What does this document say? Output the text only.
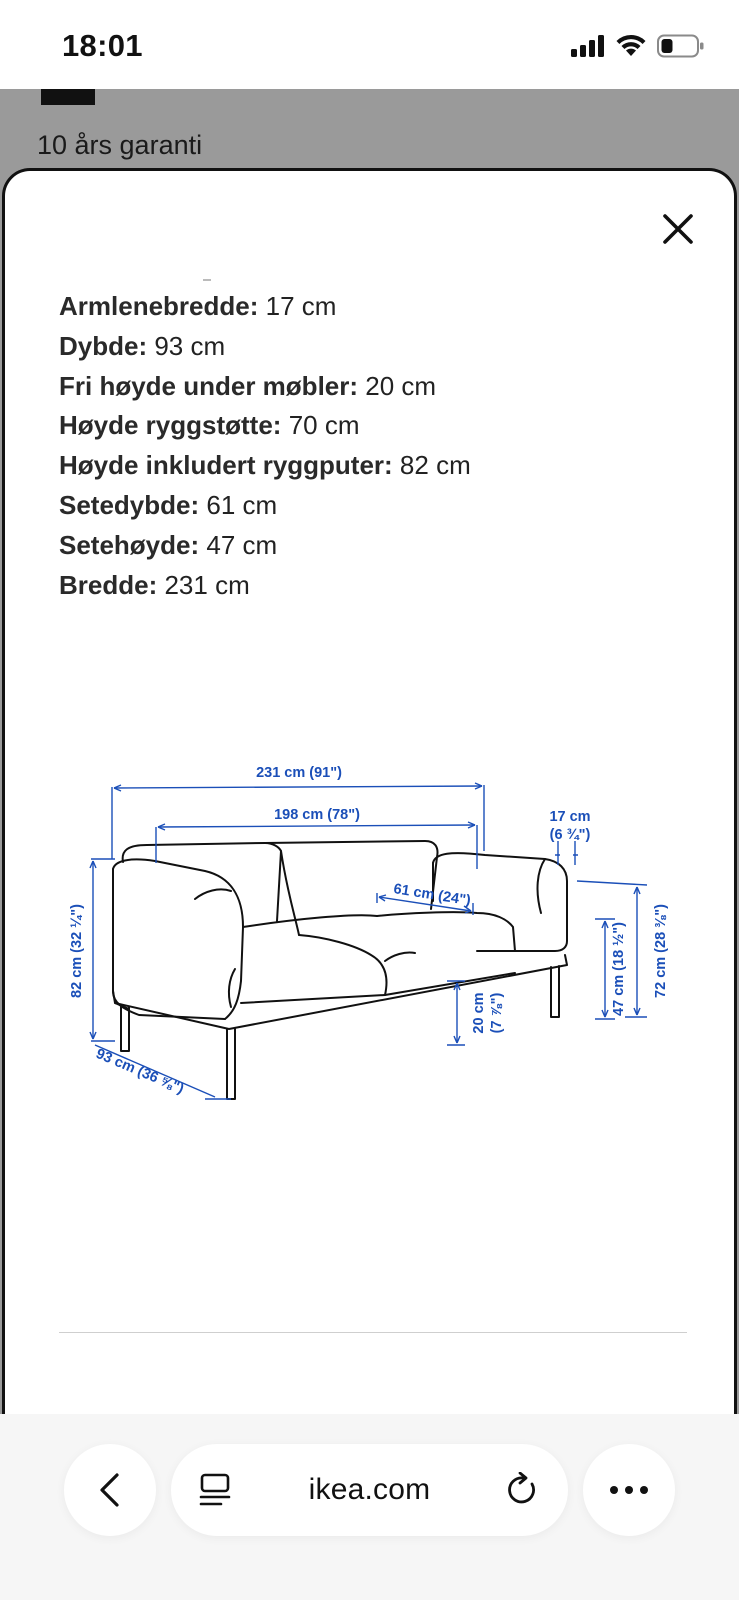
18:01
10 års garanti
Armlenebredde: 17 cm
Dybde: 93 cm
Fri høyde under møbler: 20 cm
Høyde ryggstøtte: 70 cm
Høyde inkludert ryggputer: 82 cm
Setedybde: 61 cm
Setehøyde: 47 cm
Bredde: 231 cm
231 cm (91")
198 cm (78")	17 cm
(6 ¾")
61 cm (24")
82 cm (32 ¼")
93 cm (36 ⅝")
20 cm (7 ⅞")	47 cm (18 ½") 72 cm (28 ⅜")
ikea.com
